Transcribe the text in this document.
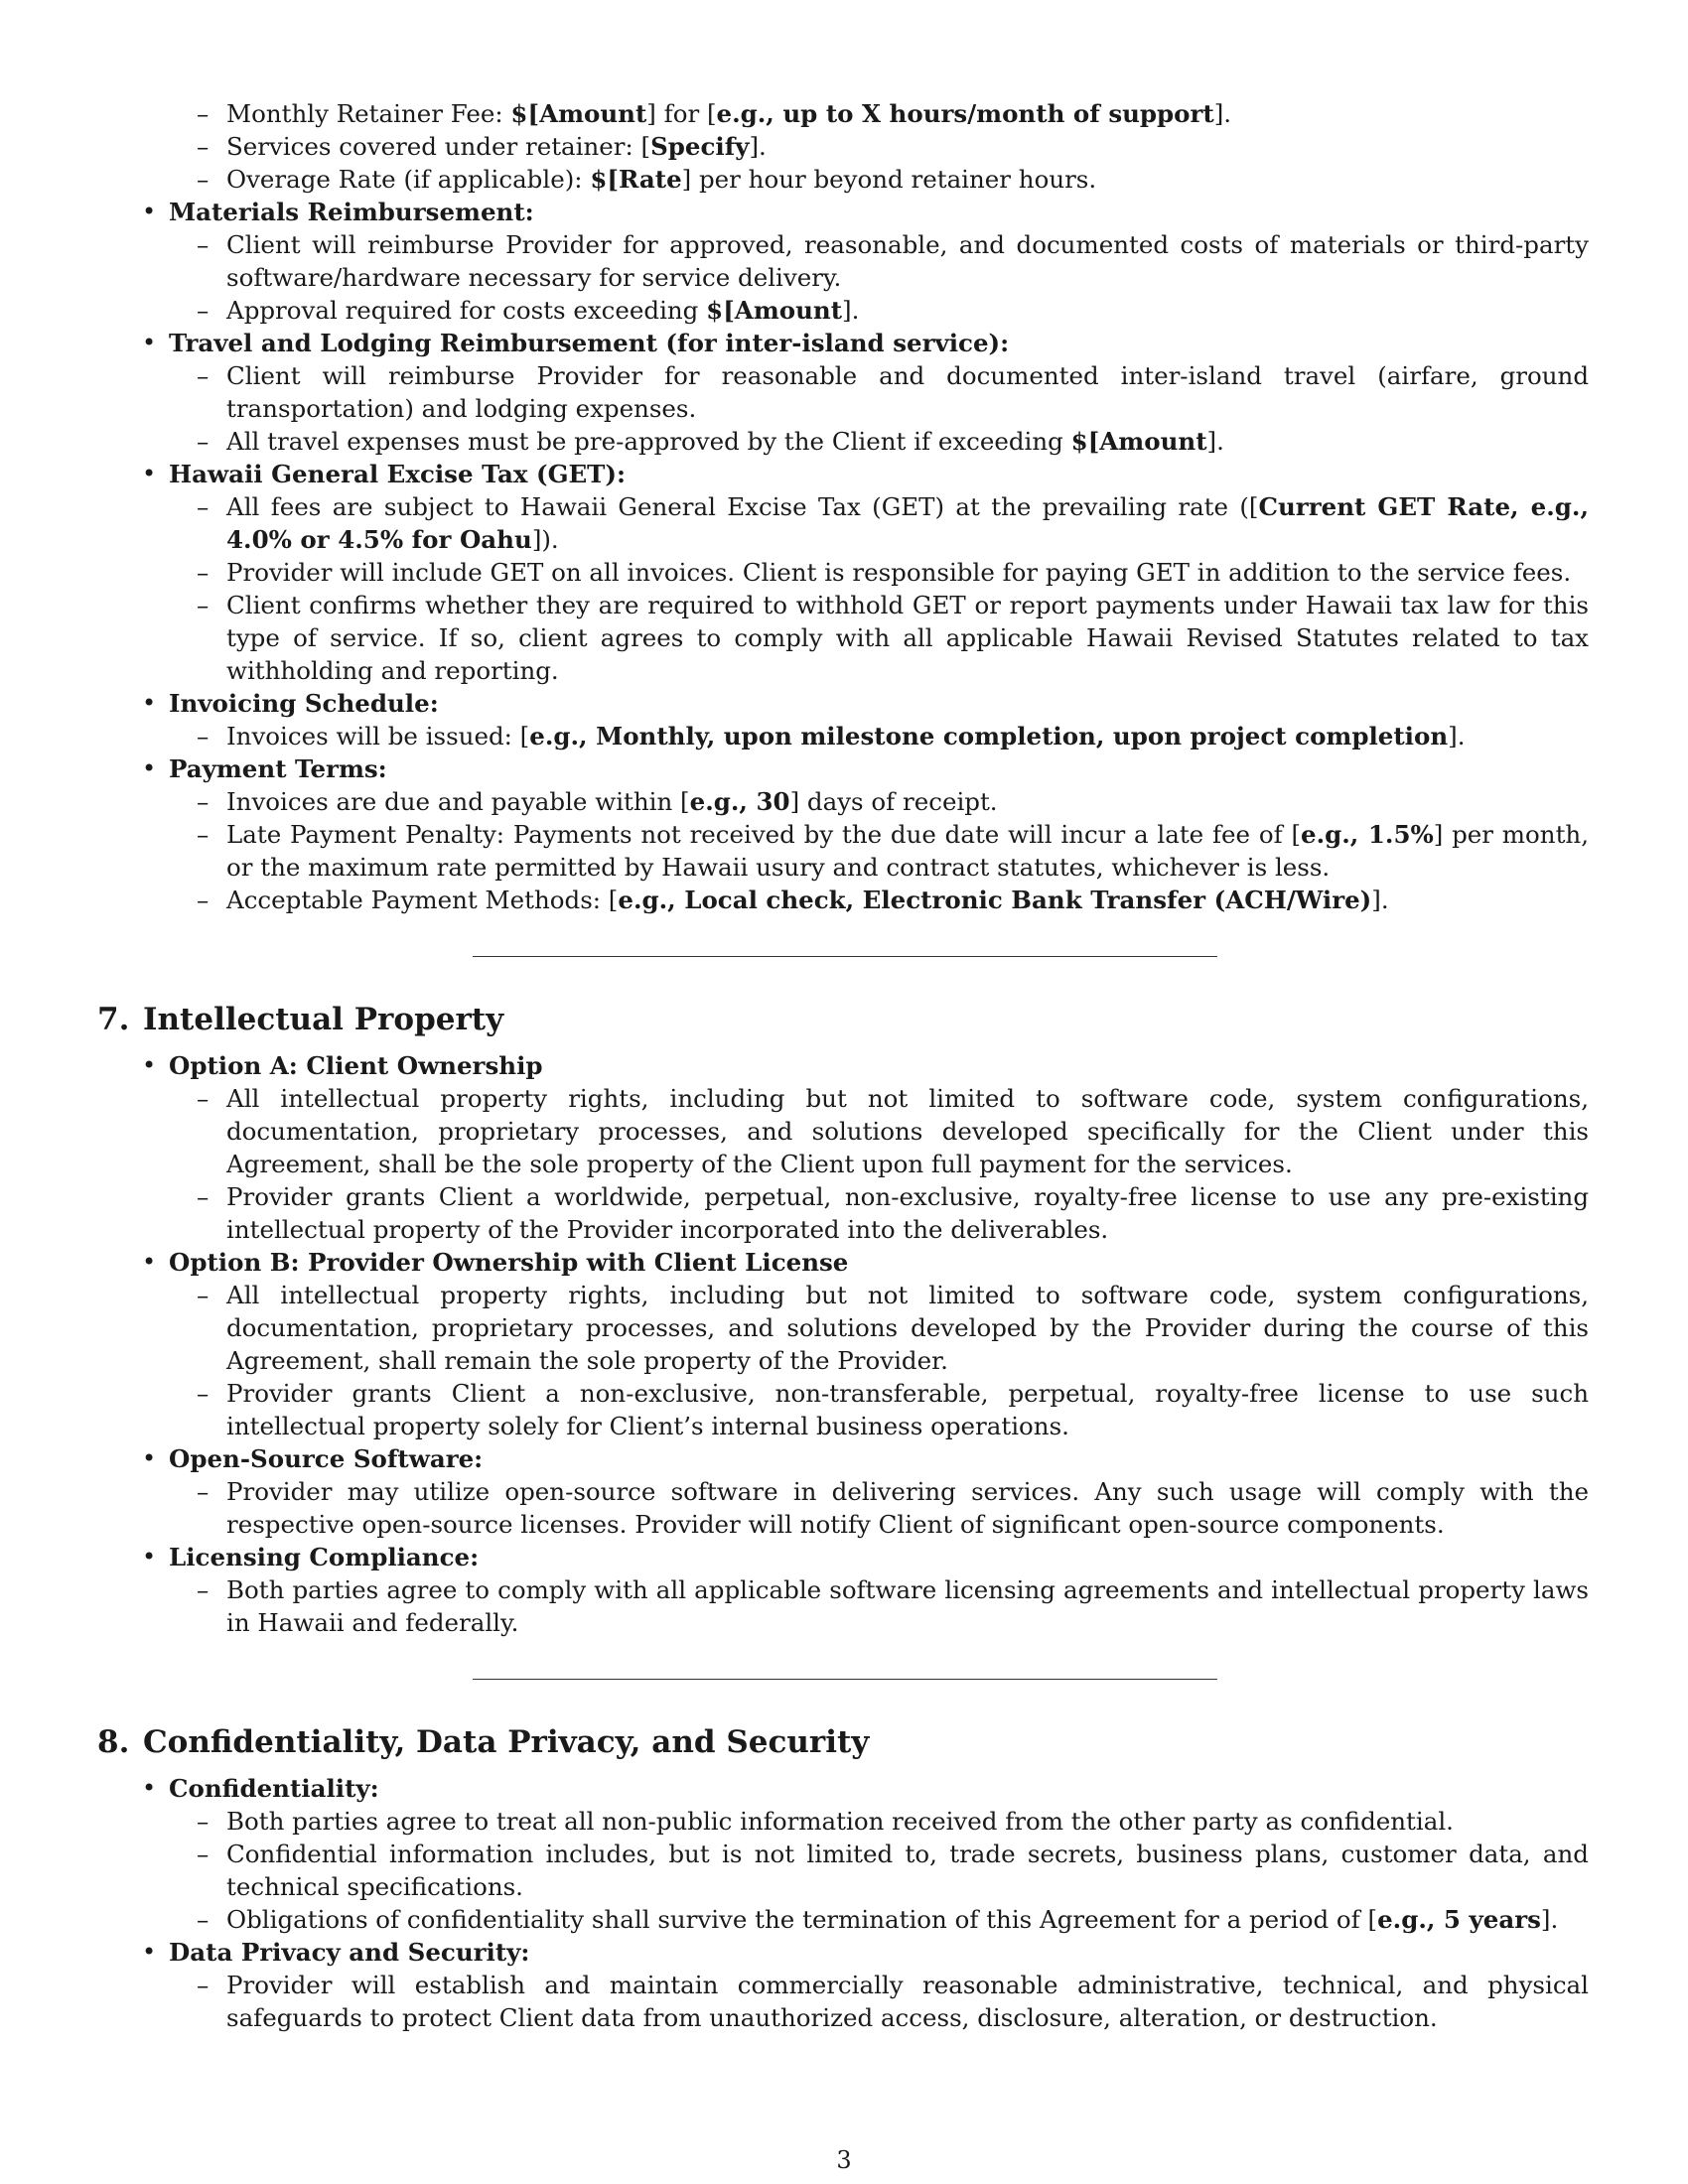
– Monthly Retainer Fee: $[Amount] for [e.g., up to X hours/month of support].
– Services covered under retainer: [Specify].
– Overage Rate (if applicable): $[Rate] per hour beyond retainer hours.
• Materials Reimbursement:
– Client will reimburse Provider for approved, reasonable, and documented costs of materials or third-party software/hardware necessary for service delivery.
– Approval required for costs exceeding $[Amount].
• Travel and Lodging Reimbursement (for inter-island service):
– Client will reimburse Provider for reasonable and documented inter-island travel (airfare, ground transportation) and lodging expenses.
– All travel expenses must be pre-approved by the Client if exceeding $[Amount].
• Hawaii General Excise Tax (GET):
– All fees are subject to Hawaii General Excise Tax (GET) at the prevailing rate ([Current GET Rate, e.g., 4.0% or 4.5% for Oahu]).
– Provider will include GET on all invoices. Client is responsible for paying GET in addition to the service fees.
– Client confirms whether they are required to withhold GET or report payments under Hawaii tax law for this type of service. If so, client agrees to comply with all applicable Hawaii Revised Statutes related to tax withholding and reporting.
• Invoicing Schedule:
– Invoices will be issued: [e.g., Monthly, upon milestone completion, upon project completion].
• Payment Terms:
– Invoices are due and payable within [e.g., 30] days of receipt.
– Late Payment Penalty: Payments not received by the due date will incur a late fee of [e.g., 1.5%] per month, or the maximum rate permitted by Hawaii usury and contract statutes, whichever is less.
– Acceptable Payment Methods: [e.g., Local check, Electronic Bank Transfer (ACH/Wire)].
7. Intellectual Property
• Option A: Client Ownership
– All intellectual property rights, including but not limited to software code, system configurations, documentation, proprietary processes, and solutions developed specifically for the Client under this Agreement, shall be the sole property of the Client upon full payment for the services.
– Provider grants Client a worldwide, perpetual, non-exclusive, royalty-free license to use any pre-existing intellectual property of the Provider incorporated into the deliverables.
• Option B: Provider Ownership with Client License
– All intellectual property rights, including but not limited to software code, system configurations, documentation, proprietary processes, and solutions developed by the Provider during the course of this Agreement, shall remain the sole property of the Provider.
– Provider grants Client a non-exclusive, non-transferable, perpetual, royalty-free license to use such intellectual property solely for Client’s internal business operations.
• Open-Source Software:
– Provider may utilize open-source software in delivering services. Any such usage will comply with the respective open-source licenses. Provider will notify Client of significant open-source components.
• Licensing Compliance:
– Both parties agree to comply with all applicable software licensing agreements and intellectual property laws in Hawaii and federally.
8. Confidentiality, Data Privacy, and Security
• Confidentiality:
– Both parties agree to treat all non-public information received from the other party as confidential.
– Confidential information includes, but is not limited to, trade secrets, business plans, customer data, and technical specifications.
– Obligations of confidentiality shall survive the termination of this Agreement for a period of [e.g., 5 years].
• Data Privacy and Security:
– Provider will establish and maintain commercially reasonable administrative, technical, and physical safeguards to protect Client data from unauthorized access, disclosure, alteration, or destruction.
3
